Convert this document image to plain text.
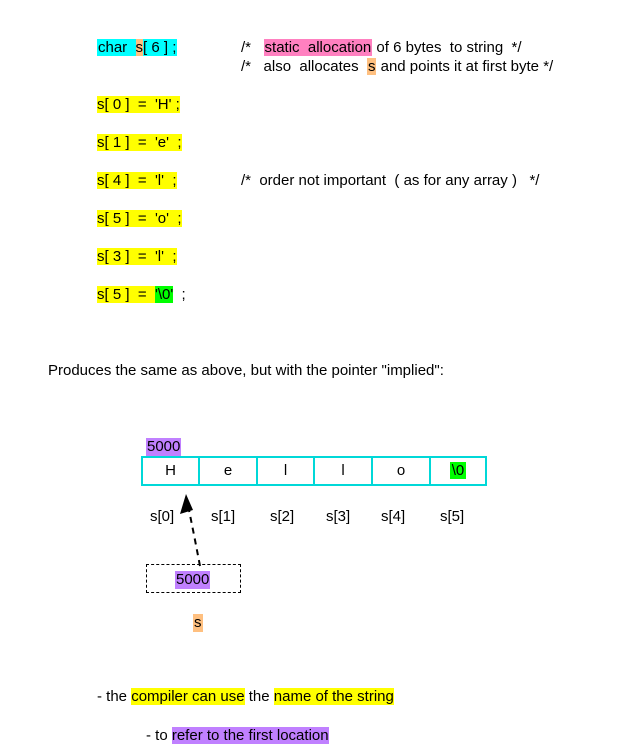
char s[ 6 ] ;	/* static  allocation of 6 bytes  to string  */
/* also  allocates s and points it at first byte */
s[ 0 ]  =  'H' ;
s[ 1 ]  =  'e'  ;
s[ 4 ]  =  'l'  ;	/*  order not important  ( as for any array )   */
s[ 5 ]  =  'o'  ;
s[ 3 ]  =  'l'  ;
s[ 5 ]  = '\0' ;
Produces the same as above, but with the pointer "implied":
5000
H	e	l	l	o	\0
s[0] s[1] s[2] s[3] s[4] s[5]
5000
s
- the compiler can use the name of the string
- to refer to the first location
